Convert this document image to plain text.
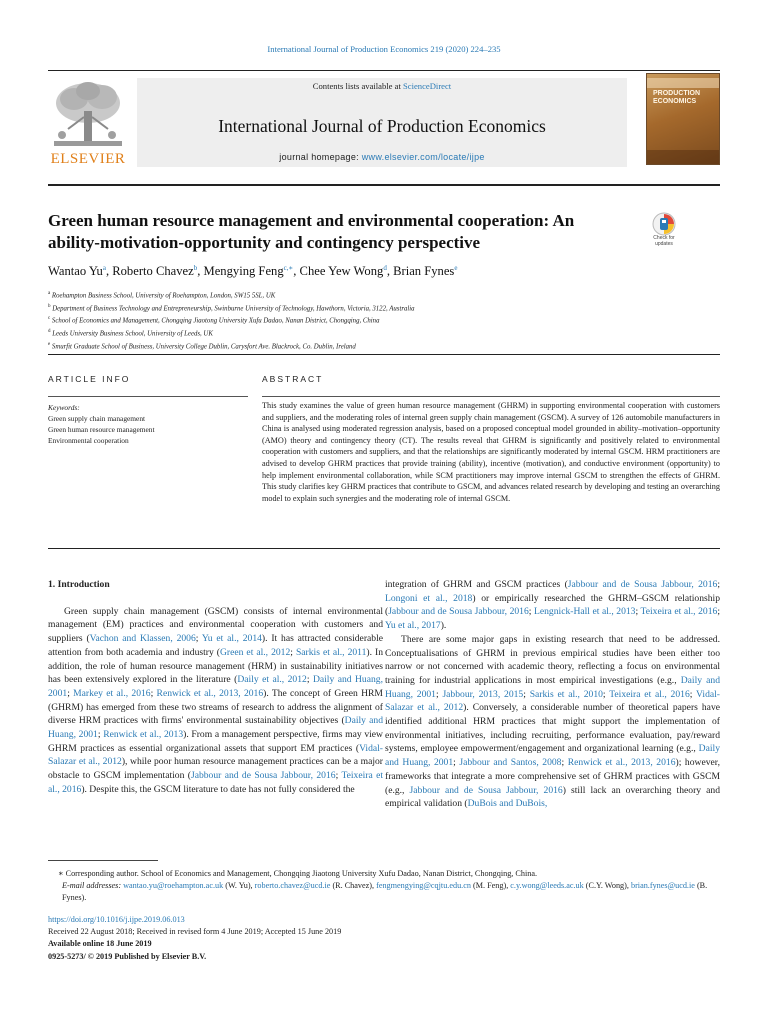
International Journal of Production Economics 219 (2020) 224–235
ELSEVIER
Contents lists available at ScienceDirect
International Journal of Production Economics
journal homepage: www.elsevier.com/locate/ijpe
PRODUCTION ECONOMICS
Green human resource management and environmental cooperation: An ability-motivation-opportunity and contingency perspective	Check for updates
Wantao Yu$^a$, Roberto Chavez$^b$, Mengying Feng$^{c,∗}$, Chee Yew Wong$^d$, Brian Fynes$^e$
$^a$ Roehampton Business School, University of Roehampton, London, SW15 5SL, UK
$^b$ Department of Business Technology and Entrepreneurship, Swinburne University of Technology, Hawthorn, Victoria, 3122, Australia
$^c$ School of Economics and Management, Chongqing Jiaotong University Xufu Dadao, Nanan District, Chongqing, China
$^d$ Leeds University Business School, University of Leeds, UK
$^e$ Smurfit Graduate School of Business, University College Dublin, Carysfort Ave. Blackrock, Co. Dublin, Ireland
ARTICLE INFO
Keywords:
Green supply chain management
Green human resource management
Environmental cooperation
ABSTRACT
This study examines the value of green human resource management (GHRM) in supporting environmental cooperation with customers and suppliers, and the moderating roles of internal green supply chain management (GSCM). A survey of 126 automobile manufacturers in China is analysed using moderated regression analysis, based on a proposed conceptual model grounded in ability–motivation–opportunity (AMO) theory and contingency theory (CT). The results reveal that GHRM is significantly and positively related to environmental cooperation with customers and suppliers, and that the relationships are significantly moderated by internal GSCM. HRM practitioners are advised to develop GHRM practices that provide training (ability), incentive (motivation), and conductive environment (opportunity) to help implement environmental collaboration, while SCM practitioners may improve internal GSCM to strengthen the effects of GHRM. This study clarifies key GHRM practices that contribute to GSCM, and advances related research by developing and testing an overarching model to explain such synergies and the moderating role of internal GSCM.
1. Introduction

Green supply chain management (GSCM) consists of internal environmental management (EM) practices and environmental cooperation with customers and suppliers (Vachon and Klassen, 2006; Yu et al., 2014). It has attracted considerable attention from both academia and industry (Green et al., 2012; Sarkis et al., 2011). In addition, the role of human resource management (HRM) in sustainability initiatives has been extensively explored in the literature (Daily et al., 2012; Daily and Huang, 2001; Markey et al., 2016; Renwick et al., 2013, 2016). The concept of Green HRM (GHRM) has emerged from these two streams of research to address the alignment of diverse HRM practices with firms' environmental sustainability objectives (Daily and Huang, 2001; Renwick et al., 2013). From a management perspective, firms may view GHRM practices as essential organizational assets that support EM practices (Vidal-Salazar et al., 2012), while poor human resource management practices can be a major obstacle to GSCM implementation (Jabbour and de Sousa Jabbour, 2016; Teixeira et al., 2016). Despite this, the GSCM literature to date has not fully considered the

integration of GHRM and GSCM practices (Jabbour and de Sousa Jabbour, 2016; Longoni et al., 2018) or empirically researched the GHRM–GSCM relationship (Jabbour and de Sousa Jabbour, 2016; Lengnick-Hall et al., 2013; Teixeira et al., 2016; Yu et al., 2017).

There are some major gaps in existing research that need to be addressed. Conceptualisations of GHRM in previous empirical studies have been either too narrow or not concerned with academic theory, reflecting a focus on environmental training for industrial applications in most empirical investigations (e.g., Daily and Huang, 2001; Jabbour, 2013, 2015; Sarkis et al., 2010; Teixeira et al., 2016; Vidal-Salazar et al., 2012). Conversely, a considerable number of theoretical papers have identified additional HRM practices that might support the implementation of environmental initiatives, including recruiting, performance evaluation, pay/reward systems, employee empowerment/engagement and organizational learning (e.g., Daily and Huang, 2001; Jabbour and Santos, 2008; Renwick et al., 2013, 2016); however, frameworks that integrate a more comprehensive set of GHRM practices with GSCM (e.g., Jabbour and de Sousa Jabbour, 2016) still lack an overarching theory and empirical validation (DuBois and DuBois,

∗ Corresponding author. School of Economics and Management, Chongqing Jiaotong University Xufu Dadao, Nanan District, Chongqing, China.
E-mail addresses: wantao.yu@roehampton.ac.uk (W. Yu), roberto.chavez@ucd.ie (R. Chavez), fengmengying@cqjtu.edu.cn (M. Feng), c.y.wong@leeds.ac.uk (C.Y. Wong), brian.fynes@ucd.ie (B. Fynes).
https://doi.org/10.1016/j.ijpe.2019.06.013
Received 22 August 2018; Received in revised form 4 June 2019; Accepted 15 June 2019
Available online 18 June 2019
0925-5273/ © 2019 Published by Elsevier B.V.
